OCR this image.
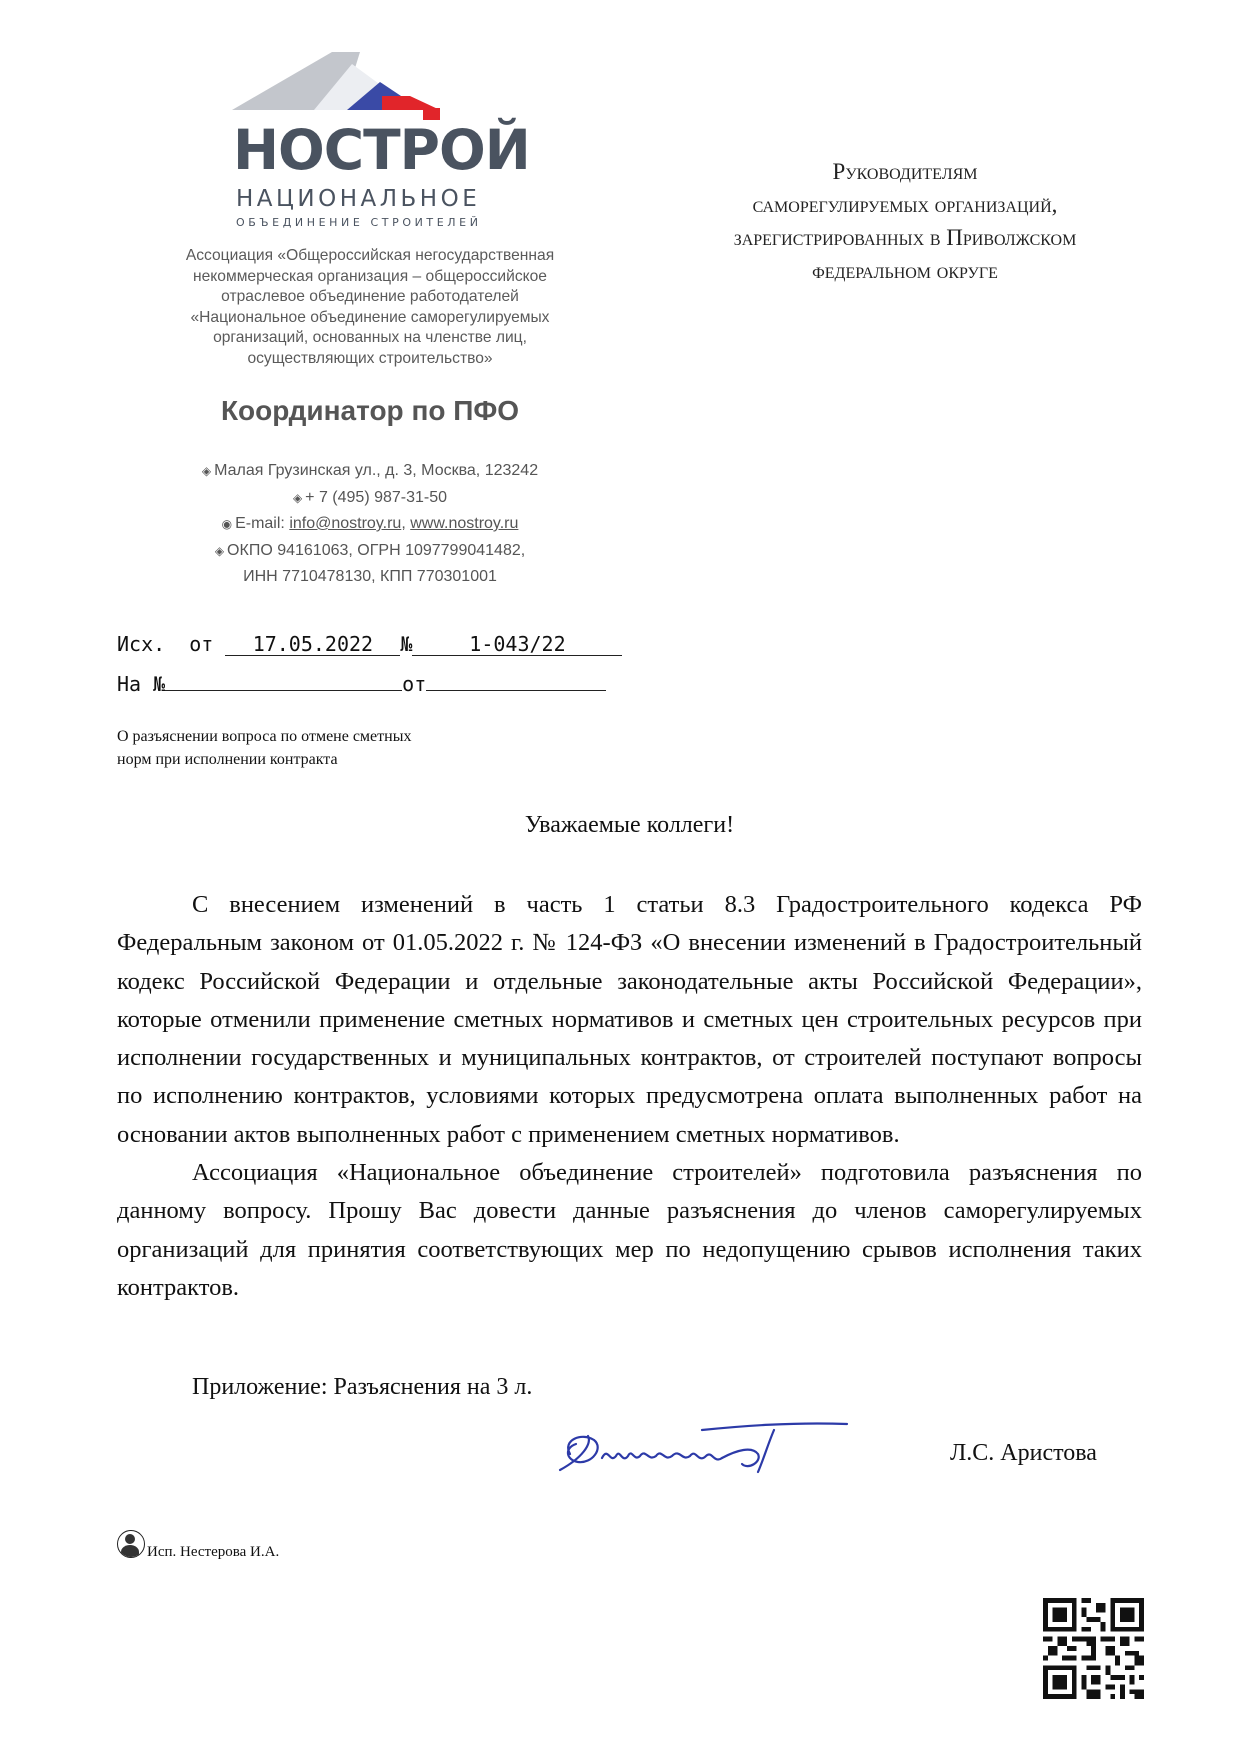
НОСТРОЙ
НАЦИОНАЛЬНОЕ
ОБЪЕДИНЕНИЕ СТРОИТЕЛЕЙ
Ассоциация «Общероссийская негосударственная
некоммерческая организация – общероссийское
отраслевое объединение работодателей
«Национальное объединение саморегулируемых
организаций, основанных на членстве лиц,
осуществляющих строительство»
Координатор по ПФО
◈ Малая Грузинская ул., д. 3, Москва, 123242
◈ + 7 (495) 987-31-50
◉ E-mail: info@nostroy.ru, www.nostroy.ru
◈ ОКПО 94161063, ОГРН 1097799041482,
ИНН 7710478130, КПП 770301001
Руководителям
саморегулируемых организаций,
зарегистрированных в Приволжском
федеральном округе
Исх. от 17.05.2022 №	1-043/22
На №	от
О разъяснении вопроса по отмене сметных
норм при исполнении контракта
Уважаемые коллеги!

С внесением изменений в часть 1 статьи 8.3 Градостроительного кодекса РФ Федеральным законом от 01.05.2022 г. № 124-ФЗ «О внесении изменений в Градостроительный кодекс Российской Федерации и отдельные законодательные акты Российской Федерации», которые отменили применение сметных нормативов и сметных цен строительных ресурсов при исполнении государственных и муниципальных контрактов, от строителей поступают вопросы по исполнению контрактов, условиями которых предусмотрена оплата выполненных работ на основании актов выполненных работ с применением сметных нормативов.

Ассоциация «Национальное объединение строителей» подготовила разъяснения по данному вопросу. Прошу Вас довести данные разъяснения до членов саморегулируемых организаций для принятия соответствующих мер по недопущению срывов исполнения таких контрактов.

Приложение: Разъяснения на 3 л.
Л.С. Аристова
Исп. Нестерова И.А.
